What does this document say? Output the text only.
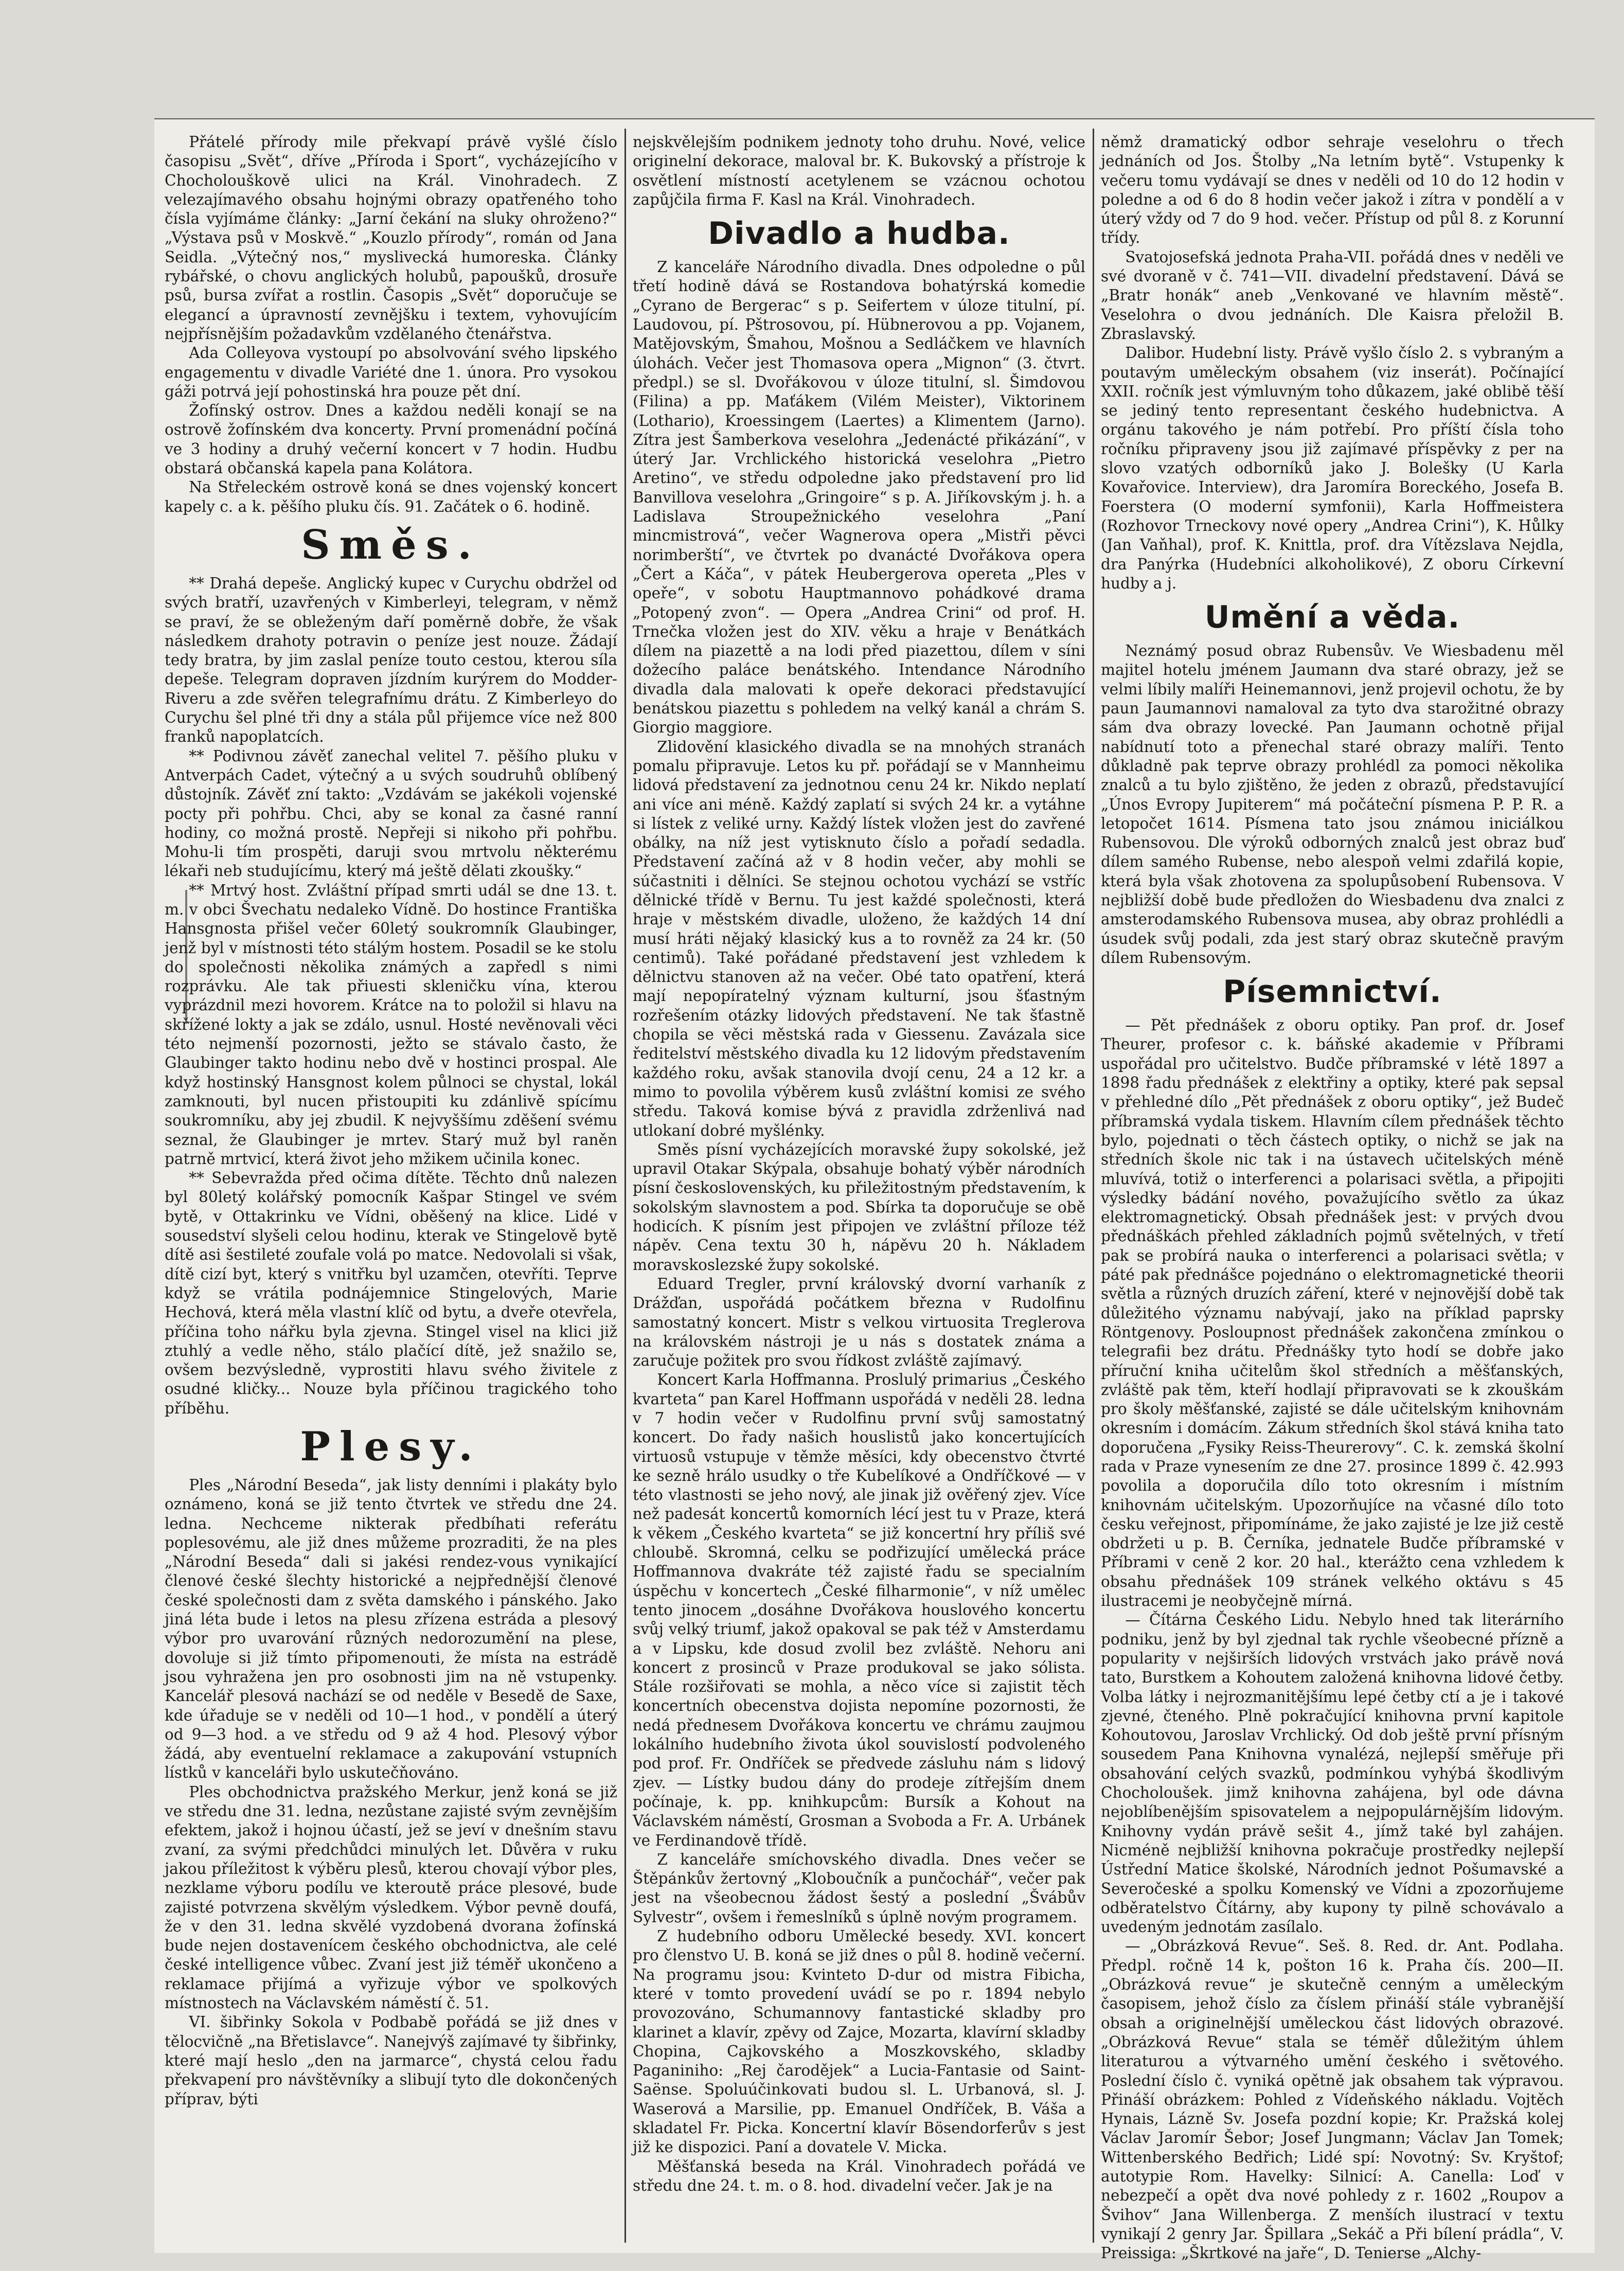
Přátelé přírody mile překvapí právě vyšlé číslo časopisu „Svět“, dříve „Příroda i Sport“, vycházejícího v Chocholouškově ulici na Král. Vinohradech. Z velezajímavého obsahu hojnými obrazy opatřeného toho čísla vyjímáme články: „Jarní čekání na sluky ohroženo?“ „Výstava psů v Moskvě.“ „Kouzlo přírody“, román od Jana Seidla. „Výtečný nos,“ myslivecká humoreska. Články rybářské, o chovu anglických holubů, papoušků, drosuře psů, bursa zvířat a rostlin. Časopis „Svět“ doporučuje se elegancí a úpravností zevnějšku i textem, vyhovujícím nejpřísnějším požadavkům vzdělaného čtenářstva.

Ada Colleyova vystoupí po absolvování svého lipského engagementu v divadle Variété dne 1. února. Pro vysokou gáži potrvá její pohostinská hra pouze pět dní.

Žofínský ostrov. Dnes a každou neděli konají se na ostrově žofínském dva koncerty. První promenádní počíná ve 3 hodiny a druhý večerní koncert v 7 hodin. Hudbu obstará občanská kapela pana Kolátora.

Na Střeleckém ostrově koná se dnes vojenský koncert kapely c. a k. pěšího pluku čís. 91. Začátek o 6. hodině.

Směs.

** Drahá depeše. Anglický kupec v Curychu obdržel od svých bratří, uzavřených v Kimberleyi, telegram, v němž se praví, že se obleženým daří poměrně dobře, že však následkem drahoty potravin o peníze jest nouze. Žádají tedy bratra, by jim zaslal peníze touto cestou, kterou síla depeše. Telegram dopraven jízdním kurýrem do Modder-Riveru a zde svěřen telegrafnímu drátu. Z Kimberleyo do Curychu šel plné tři dny a stála půl přijemce více než 800 franků napoplatcích.

** Podivnou závěť zanechal velitel 7. pěšího pluku v Antverpách Cadet, výtečný a u svých soudruhů oblíbený důstojník. Závěť zní takto: „Vzdávám se jakékoli vojenské pocty při pohřbu. Chci, aby se konal za časné ranní hodiny, co možná prostě. Nepřeji si nikoho při pohřbu. Mohu-li tím prospěti, daruji svou mrtvolu některému lékaři neb studujícímu, který má ještě dělati zkoušky.“

** Mrtvý host. Zvláštní případ smrti udál se dne 13. t. m. v obci Švechatu nedaleko Vídně. Do hostince Františka Hansgnosta přišel večer 60letý soukromník Glaubinger, jenž byl v místnosti této stálým hostem. Posadil se ke stolu do společnosti několika známých a zapředl s nimi rozprávku. Ale tak přiuesti skleničku vína, kterou vyprázdnil mezi hovorem. Krátce na to položil si hlavu na skřížené lokty a jak se zdálo, usnul. Hosté nevěnovali věci této nejmenší pozornosti, ježto se stávalo často, že Glaubinger takto hodinu nebo dvě v hostinci prospal. Ale když hostinský Hansgnost kolem půlnoci se chystal, lokál zamknouti, byl nucen přistoupiti ku zdánlivě spícímu soukromníku, aby jej zbudil. K nejvyššímu zděšení svému seznal, že Glaubinger je mrtev. Starý muž byl raněn patrně mrtvicí, která život jeho mžikem učinila konec.

** Sebevražda před očima dítěte. Těchto dnů nalezen byl 80letý kolářský pomocník Kašpar Stingel ve svém bytě, v Ottakrinku ve Vídni, oběšený na klice. Lidé v sousedství slyšeli celou hodinu, kterak ve Stingelově bytě dítě asi šestileté zoufale volá po matce. Nedovolali si však, dítě cizí byt, který s vnitřku byl uzamčen, otevříti. Teprve když se vrátila podnájemnice Stingelových, Marie Hechová, která měla vlastní klíč od bytu, a dveře otevřela, příčina toho nářku byla zjevna. Stingel visel na klici již ztuhlý a vedle něho, stálo plačící dítě, jež snažilo se, ovšem bezvýsledně, vyprostiti hlavu svého živitele z osudné kličky... Nouze byla příčinou tragického toho příběhu.

Plesy.

Ples „Národní Beseda“, jak listy denními i plakáty bylo oznámeno, koná se již tento čtvrtek ve středu dne 24. ledna. Nechceme nikterak předbíhati referátu poplesovému, ale již dnes můžeme prozraditi, že na ples „Národní Beseda“ dali si jakési rendez-vous vynikající členové české šlechty historické a nejpřednější členové české společnosti dam z světa damského i pánského. Jako jiná léta bude i letos na plesu zřízena estráda a plesový výbor pro uvarování různých nedorozumění na plese, dovoluje si již tímto připomenouti, že místa na estrádě jsou vyhražena jen pro osobnosti jim na ně vstupenky. Kancelář plesová nachází se od neděle v Besedě de Saxe, kde úřaduje se v neděli od 10—1 hod., v pondělí a úterý od 9—3 hod. a ve středu od 9 až 4 hod. Plesový výbor žádá, aby eventuelní reklamace a zakupování vstupních lístků v kanceláři bylo uskutečňováno.

Ples obchodnictva pražského Merkur, jenž koná se již ve středu dne 31. ledna, nezůstane zajisté svým zevnějším efektem, jakož i hojnou účastí, jež se jeví v dnešním stavu zvaní, za svými předchůdci minulých let. Důvěra v ruku jakou příležitost k výběru plesů, kterou chovají výbor ples, nezklame výboru podílu ve kteroutě práce plesové, bude zajisté potvrzena skvělým výsledkem. Výbor pevně doufá, že v den 31. ledna skvělé vyzdobená dvorana žofínská bude nejen dostavenícem českého obchodnictva, ale celé české intelligence vůbec. Zvaní jest již téměř ukončeno a reklamace přijímá a vyřizuje výbor ve spolkových místnostech na Václavském náměstí č. 51.

VI. šibřinky Sokola v Podbabě pořádá se již dnes v tělocvičně „na Břetislavce“. Nanejvýš zajímavé ty šibřinky, které mají heslo „den na jarmarce“, chystá celou řadu překvapení pro návštěvníky a slibují tyto dle dokončených příprav, býti

nejskvělejším podnikem jednoty toho druhu. Nové, velice originelní dekorace, maloval br. K. Bukovský a přístroje k osvětlení místností acetylenem se vzácnou ochotou zapůjčila firma F. Kasl na Král. Vinohradech.

Divadlo a hudba.

Z kanceláře Národního divadla. Dnes odpoledne o půl třetí hodině dává se Rostandova bohatýrská komedie „Cyrano de Bergerac“ s p. Seifertem v úloze titulní, pí. Laudovou, pí. Pštrosovou, pí. Hübnerovou a pp. Vojanem, Matějovským, Šmahou, Mošnou a Sedláčkem ve hlavních úlohách. Večer jest Thomasova opera „Mignon“ (3. čtvrt. předpl.) se sl. Dvořákovou v úloze titulní, sl. Šimdovou (Filina) a pp. Maťákem (Vilém Meister), Viktorinem (Lothario), Kroessingem (Laertes) a Klimentem (Jarno). Zítra jest Šamberkova veselohra „Jedenácté přikázání“, v úterý Jar. Vrchlického historická veselohra „Pietro Aretino“, ve středu odpoledne jako představení pro lid Banvillova veselohra „Gringoire“ s p. A. Jiříkovským j. h. a Ladislava Stroupežnického veselohra „Paní mincmistrová“, večer Wagnerova opera „Mistři pěvci norimberští“, ve čtvrtek po dvanácté Dvořákova opera „Čert a Káča“, v pátek Heubergerova opereta „Ples v opeře“, v sobotu Hauptmannovo pohádkové drama „Potopený zvon“. — Opera „Andrea Crini“ od prof. H. Trnečka vložen jest do XIV. věku a hraje v Benátkách dílem na piazettě a na lodi před piazettou, dílem v síni dožecího paláce benátského. Intendance Národního divadla dala malovati k opeře dekoraci představující benátskou piazettu s pohledem na velký kanál a chrám S. Giorgio maggiore.

Zlidovění klasického divadla se na mnohých stranách pomalu připravuje. Letos ku př. pořádají se v Mannheimu lidová představení za jednotnou cenu 24 kr. Nikdo neplatí ani více ani méně. Každý zaplatí si svých 24 kr. a vytáhne si lístek z veliké urny. Každý lístek vložen jest do zavřené obálky, na níž jest vytisknuto číslo a pořadí sedadla. Představení začíná až v 8 hodin večer, aby mohli se súčastniti i dělníci. Se stejnou ochotou vychází se vstříc dělnické třídě v Bernu. Tu jest každé společnosti, která hraje v městském divadle, uloženo, že každých 14 dní musí hráti nějaký klasický kus a to rovněž za 24 kr. (50 centimů). Také pořádané představení jest vzhledem k dělnictvu stanoven až na večer. Obé tato opatření, která mají nepopíratelný význam kulturní, jsou šťastným rozřešením otázky lidových představení. Ne tak šťastně chopila se věci městská rada v Giessenu. Zavázala sice ředitelství městského divadla ku 12 lidovým představením každého roku, avšak stanovila dvojí cenu, 24 a 12 kr. a mimo to povolila výběrem kusů zvláštní komisi ze svého středu. Taková komise bývá z pravidla zdrženlivá nad utlokaní dobré myšlénky.

Směs písní vycházejících moravské župy sokolské, jež upravil Otakar Skýpala, obsahuje bohatý výběr národních písní československých, ku přiležitostným představením, k sokolským slavnostem a pod. Sbírka ta doporučuje se obě hodicích. K písním jest připojen ve zvláštní příloze též nápěv. Cena textu 30 h, nápěvu 20 h. Nákladem moravskoslezské župy sokolské.

Eduard Tregler, první královský dvorní varhaník z Drážďan, uspořádá počátkem března v Rudolfinu samostatný koncert. Mistr s velkou virtuosita Treglerova na královském nástroji je u nás s dostatek známa a zaručuje požitek pro svou řídkost zvláště zajímavý.

Koncert Karla Hoffmanna. Proslulý primarius „Českého kvarteta“ pan Karel Hoffmann uspořádá v neděli 28. ledna v 7 hodin večer v Rudolfinu první svůj samostatný koncert. Do řady našich houslistů jako koncertujících virtuosů vstupuje v těmže měsíci, kdy obecenstvo čtvrté ke sezně hrálo usudky o tře Kubelíkové a Ondříčkové — v této vlastnosti se jeho nový, ale jinak již ověřený zjev. Více než padesát koncertů komorních lécí jest tu v Praze, která k věkem „Českého kvarteta“ se již koncertní hry příliš své chloubě. Skromná, celku se podřizující umělecká práce Hoffmannova dvakráte též zajisté řadu se specialním úspěchu v koncertech „České filharmonie“, v níž umělec tento jinocem „dosáhne Dvořákova houslového koncertu svůj velký triumf, jakož opakoval se pak též v Amsterdamu a v Lipsku, kde dosud zvolil bez zvláště. Nehoru ani koncert z prosinců v Praze produkoval se jako sólista. Stále rozšiřovati se mohla, a něco více si zajistit těch koncertních obecenstva dojista nepomíne pozornosti, že nedá přednesem Dvořákova koncertu ve chrámu zaujmou lokálního hudebního života úkol souvislostí podvoleného pod prof. Fr. Ondříček se předvede zásluhu nám s lidový zjev. — Lístky budou dány do prodeje zítřejším dnem počínaje, k. pp. knihkupcům: Bursík a Kohout na Václavském náměstí, Grosman a Svoboda a Fr. A. Urbánek ve Ferdinandově třídě.

Z kanceláře smíchovského divadla. Dnes večer se Štěpánkův žertovný „Kloboučník a punčochář“, večer pak jest na všeobecnou žádost šestý a poslední „Švábův Sylvestr“, ovšem i řemeslníků s úplně novým programem.

Z hudebního odboru Umělecké besedy. XVI. koncert pro členstvo U. B. koná se již dnes o půl 8. hodině večerní. Na programu jsou: Kvinteto D-dur od mistra Fibicha, které v tomto provedení uvádí se po r. 1894 nebylo provozováno, Schumannovy fantastické skladby pro klarinet a klavír, zpěvy od Zajce, Mozarta, klavírní skladby Chopina, Cajkovského a Moszkovského, skladby Paganiniho: „Rej čarodějek“ a Lucia-Fantasie od Saint-Saënse. Spoluúčinkovati budou sl. L. Urbanová, sl. J. Waserová a Marsilie, pp. Emanuel Ondříček, B. Váša a skladatel Fr. Picka. Koncertní klavír Bösendorferův s jest již ke dispozici. Paní a dovatele V. Micka.

Měšťanská beseda na Král. Vinohradech pořádá ve středu dne 24. t. m. o 8. hod. divadelní večer. Jak je na

němž dramatický odbor sehraje veselohru o třech jednáních od Jos. Štolby „Na letním bytě“. Vstupenky k večeru tomu vydávají se dnes v neděli od 10 do 12 hodin v poledne a od 6 do 8 hodin večer jakož i zítra v pondělí a v úterý vždy od 7 do 9 hod. večer. Přístup od půl 8. z Korunní třídy.

Svatojosefská jednota Praha-VII. pořádá dnes v neděli ve své dvoraně v č. 741—VII. divadelní představení. Dává se „Bratr honák“ aneb „Venkované ve hlavním městě“. Veselohra o dvou jednáních. Dle Kaisra přeložil B. Zbraslavský.

Dalibor. Hudební listy. Právě vyšlo číslo 2. s vybraným a poutavým uměleckým obsahem (viz inserát). Počínající XXII. ročník jest výmluvným toho důkazem, jaké oblibě těší se jediný tento representant českého hudebnictva. A orgánu takového je nám potřebí. Pro příští čísla toho ročníku připraveny jsou již zajímavé příspěvky z per na slovo vzatých odborníků jako J. Bolešky (U Karla Kovařovice. Interview), dra Jaromíra Boreckého, Josefa B. Foerstera (O moderní symfonii), Karla Hoffmeistera (Rozhovor Trneckovy nové opery „Andrea Crini“), K. Hůlky (Jan Vaňhal), prof. K. Knittla, prof. dra Vítězslava Nejdla, dra Panýrka (Hudebníci alkoholikové), Z oboru Církevní hudby a j.

Umění a věda.

Neznámý posud obraz Rubensův. Ve Wiesbadenu měl majitel hotelu jménem Jaumann dva staré obrazy, jež se velmi líbily malíři Heinemannovi, jenž projevil ochotu, že by paun Jaumannovi namaloval za tyto dva starožitné obrazy sám dva obrazy lovecké. Pan Jaumann ochotně přijal nabídnutí toto a přenechal staré obrazy malíři. Tento důkladně pak teprve obrazy prohlédl za pomoci několika znalců a tu bylo zjištěno, že jeden z obrazů, představující „Únos Evropy Jupiterem“ má počáteční písmena P. P. R. a letopočet 1614. Písmena tato jsou známou iniciálkou Rubensovou. Dle výroků odborných znalců jest obraz buď dílem samého Rubense, nebo alespoň velmi zdařilá kopie, která byla však zhotovena za spolupůsobení Rubensova. V nejbližší době bude předložen do Wiesbadenu dva znalci z amsterodamského Rubensova musea, aby obraz prohlédli a úsudek svůj podali, zda jest starý obraz skutečně pravým dílem Rubensovým.

Písemnictví.

— Pět přednášek z oboru optiky. Pan prof. dr. Josef Theurer, profesor c. k. báňské akademie v Příbrami uspořádal pro učitelstvo. Budče příbramské v létě 1897 a 1898 řadu přednášek z elektřiny a optiky, které pak sepsal v přehledné dílo „Pět přednášek z oboru optiky“, jež Budeč příbramská vydala tiskem. Hlavním cílem přednášek těchto bylo, pojednati o těch částech optiky, o nichž se jak na středních škole nic tak i na ústavech učitelských méně mluvívá, totiž o interferenci a polarisaci světla, a připojiti výsledky bádání nového, považujícího světlo za úkaz elektromagnetický. Obsah přednášek jest: v prvých dvou přednáškách přehled základních pojmů světelných, v třetí pak se probírá nauka o interferenci a polarisaci světla; v páté pak přednášce pojednáno o elektromagnetické theorii světla a různých druzích záření, které v nejnovější době tak důležitého významu nabývají, jako na příklad paprsky Röntgenovy. Posloupnost přednášek zakončena zmínkou o telegrafii bez drátu. Přednášky tyto hodí se dobře jako příruční kniha učitelům škol středních a měšťanských, zvláště pak těm, kteří hodlají připravovati se k zkouškám pro školy měšťanské, zajisté se dále učitelským knihovnám okresním i domácím. Zákum středních škol stává kniha tato doporučena „Fysiky Reiss-Theurerovy“. C. k. zemská školní rada v Praze vynesením ze dne 27. prosince 1899 č. 42.993 povolila a doporučila dílo toto okresním i místním knihovnám učitelským. Upozorňujíce na včasné dílo toto česku veřejnost, připomínáme, že jako zajisté je lze již cestě obdržeti u p. B. Černíka, jednatele Budče příbramské v Příbrami v ceně 2 kor. 20 hal., kterážto cena vzhledem k obsahu přednášek 109 stránek velkého oktávu s 45 ilustracemi je neobyčejně mírná.

— Čítárna Českého Lidu. Nebylo hned tak literárního podniku, jenž by byl zjednal tak rychle všeobecné přízně a popularity v nejširších lidových vrstvách jako právě nová tato, Burstkem a Kohoutem založená knihovna lidové četby. Volba látky i nejrozmanitějšímu lepé četby ctí a je i takové zjevné, čteného. Plně pokračující knihovna první kapitole Kohoutovou, Jaroslav Vrchlický. Od dob ještě první přísným sousedem Pana Knihovna vynalézá, nejlepší směřuje při obsahování celých svazků, podmínkou vyhýbá škodlivým Chocholoušek. jimž knihovna zahájena, byl ode dávna nejoblíbenějším spisovatelem a nejpopulárnějším lidovým. Knihovny vydán právě sešit 4., jímž také byl zahájen. Nicméně nejbližší knihovna pokračuje prostředky nejlepší Ústřední Matice školské, Národních jednot Pošumavské a Severočeské a spolku Komenský ve Vídni a zpozorňujeme odběratelstvo Čítárny, aby kupony ty pilně schovávalo a uvedeným jednotám zasílalo.

— „Obrázková Revue“. Seš. 8. Red. dr. Ant. Podlaha. Předpl. ročně 14 k, pošton 16 k. Praha čís. 200—II. „Obrázková revue“ je skutečně cenným a uměleckým časopisem, jehož číslo za číslem přináší stále vybranější obsah a originelnější uměleckou část lidových obrazové. „Obrázková Revue“ stala se téměř důležitým úhlem literaturou a výtvarného umění českého i světového. Poslední číslo č. vyniká opětně jak obsahem tak výpravou. Přináší obrázkem: Pohled z Vídeňského nákladu. Vojtěch Hynais, Lázně Sv. Josefa pozdní kopie; Kr. Pražská kolej Václav Jaromír Šebor; Josef Jungmann; Václav Jan Tomek; Wittenberského Bedřich; Lidé spí: Novotný: Sv. Kryštof; autotypie Rom. Havelky: Silnicí: A. Canella: Loď v nebezpečí a opět dva nové pohledy z r. 1602 „Roupov a Švihov“ Jana Willenberga. Z menších ilustrací v textu vynikají 2 genry Jar. Špillara „Sekáč a Při bílení prádla“, V. Preissiga: „Škrtkové na jaře“, D. Tenierse „Alchy-
